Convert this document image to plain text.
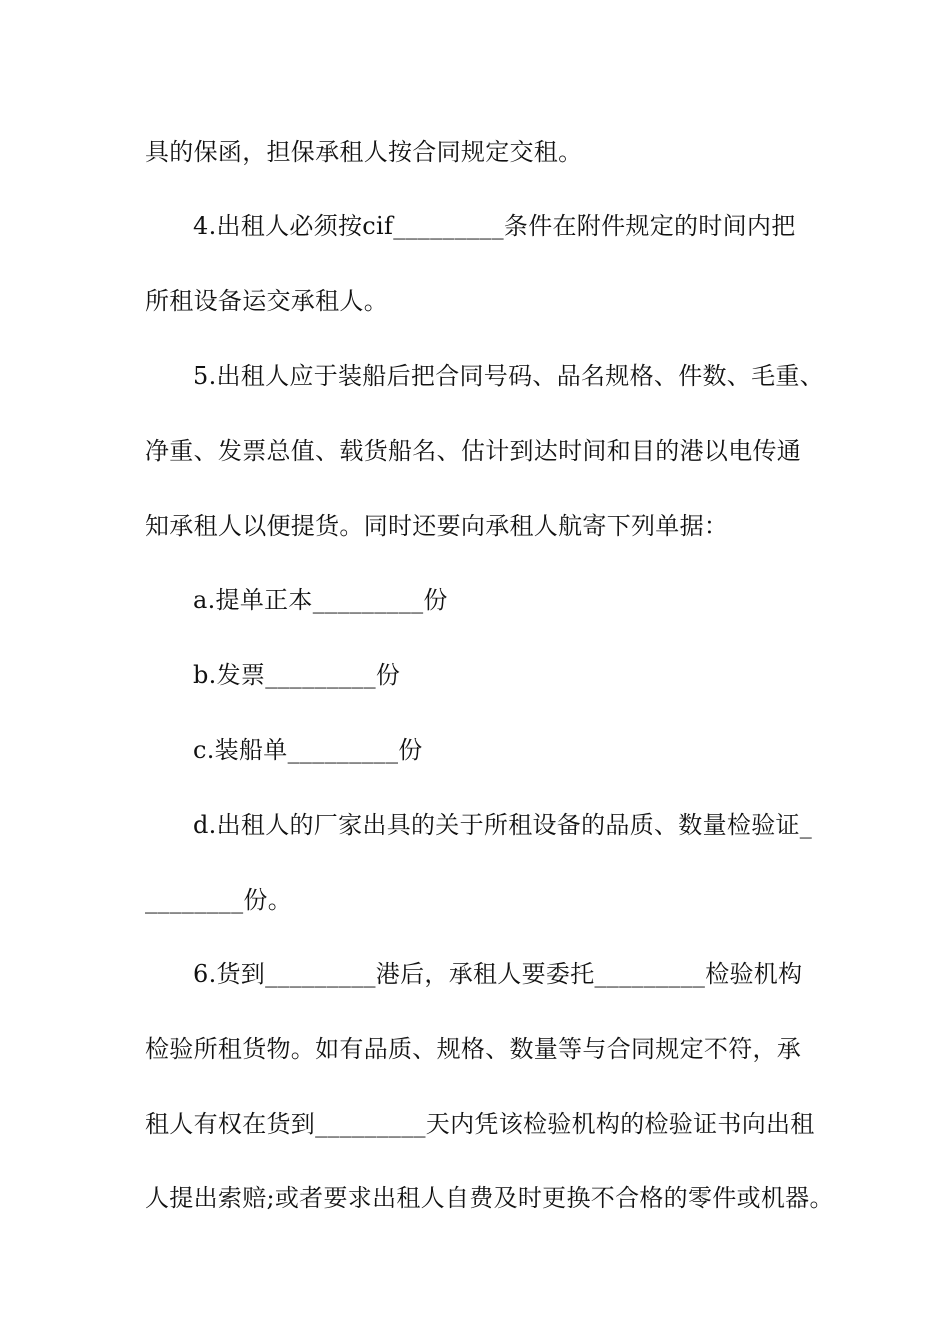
具的保函，担保承租人按合同规定交租。

4.出租人必须按cif_________条件在附件规定的时间内把

所租设备运交承租人。

5.出租人应于装船后把合同号码、品名规格、件数、毛重、

净重、发票总值、载货船名、估计到达时间和目的港以电传通

知承租人以便提货。同时还要向承租人航寄下列单据：

a.提单正本_________份

b.发票_________份

c.装船单_________份

d.出租人的厂家出具的关于所租设备的品质、数量检验证_

________份。

6.货到_________港后，承租人要委托_________检验机构

检验所租货物。如有品质、规格、数量等与合同规定不符，承

租人有权在货到_________天内凭该检验机构的检验证书向出租

人提出索赔;或者要求出租人自费及时更换不合格的零件或机器。
